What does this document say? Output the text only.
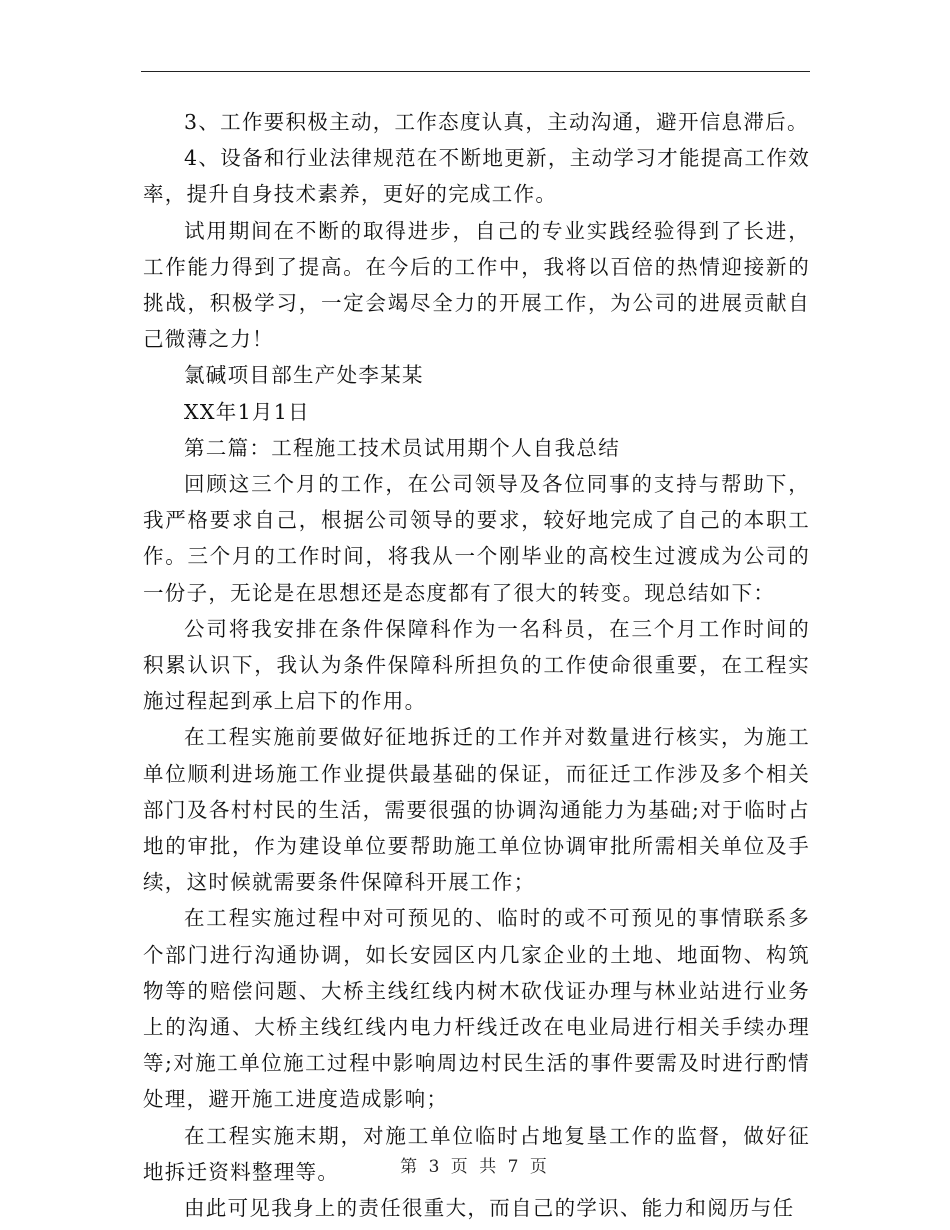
3、工作要积极主动，工作态度认真，主动沟通，避开信息滞后。

4、设备和行业法律规范在不断地更新，主动学习才能提高工作效率，提升自身技术素养，更好的完成工作。

试用期间在不断的取得进步，自己的专业实践经验得到了长进，工作能力得到了提高。在今后的工作中，我将以百倍的热情迎接新的挑战，积极学习，一定会竭尽全力的开展工作，为公司的进展贡献自己微薄之力！

氯碱项目部生产处李某某

XX年1月1日

第二篇：工程施工技术员试用期个人自我总结

回顾这三个月的工作，在公司领导及各位同事的支持与帮助下，我严格要求自己，根据公司领导的要求，较好地完成了自己的本职工作。三个月的工作时间，将我从一个刚毕业的高校生过渡成为公司的一份子，无论是在思想还是态度都有了很大的转变。现总结如下：

公司将我安排在条件保障科作为一名科员，在三个月工作时间的积累认识下，我认为条件保障科所担负的工作使命很重要，在工程实施过程起到承上启下的作用。

在工程实施前要做好征地拆迁的工作并对数量进行核实，为施工单位顺利进场施工作业提供最基础的保证，而征迁工作涉及多个相关部门及各村村民的生活，需要很强的协调沟通能力为基础;对于临时占地的审批，作为建设单位要帮助施工单位协调审批所需相关单位及手续，这时候就需要条件保障科开展工作；

在工程实施过程中对可预见的、临时的或不可预见的事情联系多个部门进行沟通协调，如长安园区内几家企业的土地、地面物、构筑物等的赔偿问题、大桥主线红线内树木砍伐证办理与林业站进行业务上的沟通、大桥主线红线内电力杆线迁改在电业局进行相关手续办理等;对施工单位施工过程中影响周边村民生活的事件要需及时进行酌情处理，避开施工进度造成影响；

在工程实施末期，对施工单位临时占地复垦工作的监督，做好征地拆迁资料整理等。

由此可见我身上的责任很重大，而自己的学识、能力和阅历与任

第 3 页 共 7 页
